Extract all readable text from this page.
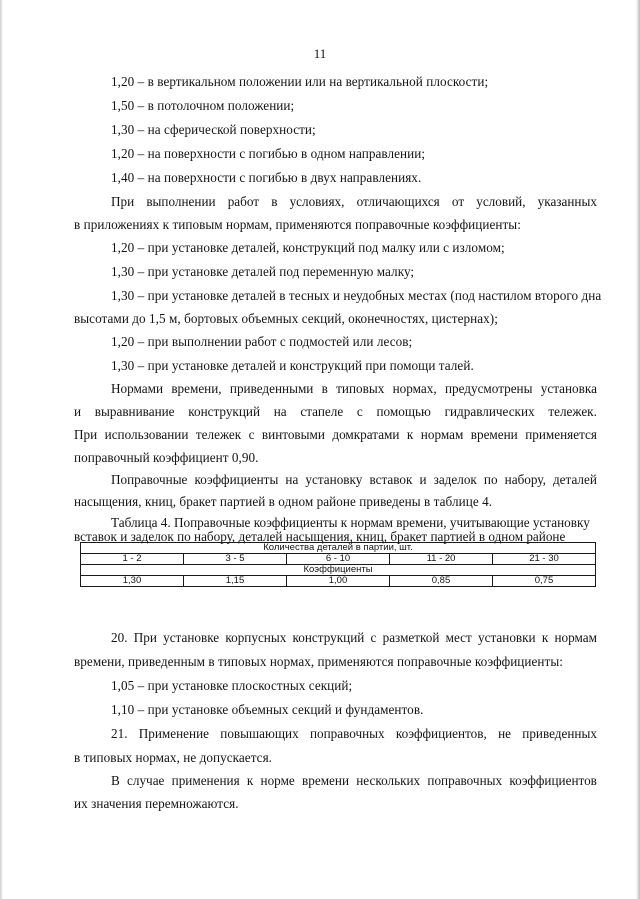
11
1,20 – в вертикальном положении или на вертикальной плоскости;
1,50 – в потолочном положении;
1,30 – на сферической поверхности;
1,20 – на поверхности с погибью в одном направлении;
1,40 – на поверхности с погибью в двух направлениях.
При выполнении работ в условиях, отличающихся от условий, указанных
в приложениях к типовым нормам, применяются поправочные коэффициенты:
1,20 – при установке деталей, конструкций под малку или с изломом;
1,30 – при установке деталей под переменную малку;
1,30 – при установке деталей в тесных и неудобных местах (под настилом второго дна
высотами до 1,5 м, бортовых объемных секций, оконечностях, цистернах);
1,20 – при выполнении работ с подмостей или лесов;
1,30 – при установке деталей и конструкций при помощи талей.
Нормами времени, приведенными в типовых нормах, предусмотрены установка
и выравнивание конструкций на стапеле с помощью гидравлических тележек.
При использовании тележек с винтовыми домкратами к нормам времени применяется
поправочный коэффициент 0,90.
Поправочные коэффициенты на установку вставок и заделок по набору, деталей
насыщения, книц, бракет партией в одном районе приведены в таблице 4.
Таблица 4. Поправочные коэффициенты к нормам времени, учитывающие установку
вставок и заделок по набору, деталей насыщения, книц, бракет партией в одном районе
Количества деталей в партии, шт.				
1 - 2	3 - 5	6 - 10	11 - 20	21 - 30
Коэффициенты				
1,30	1,15	1,00	0,85	0,75
20. При установке корпусных конструкций с разметкой мест установки к нормам
времени, приведенным в типовых нормах, применяются поправочные коэффициенты:
1,05 – при установке плоскостных секций;
1,10 – при установке объемных секций и фундаментов.
21. Применение повышающих поправочных коэффициентов, не приведенных
в типовых нормах, не допускается.
В случае применения к норме времени нескольких поправочных коэффициентов
их значения перемножаются.
